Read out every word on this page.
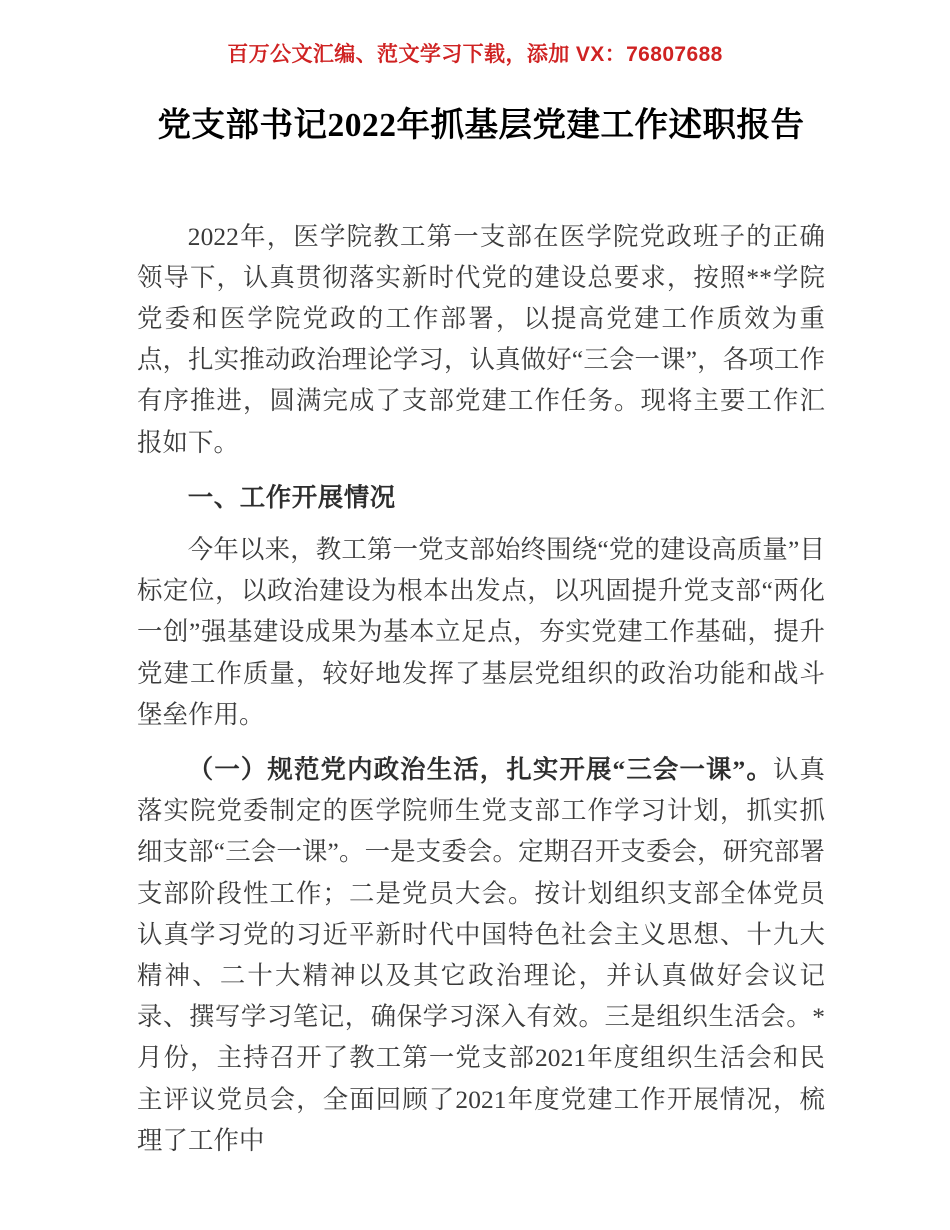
百万公文汇编、范文学习下载，添加 VX：76807688
党支部书记2022年抓基层党建工作述职报告

2022年，医学院教工第一支部在医学院党政班子的正确领导下，认真贯彻落实新时代党的建设总要求，按照**学院党委和医学院党政的工作部署，以提高党建工作质效为重点，扎实推动政治理论学习，认真做好“三会一课”，各项工作有序推进，圆满完成了支部党建工作任务。现将主要工作汇报如下。

一、工作开展情况

今年以来，教工第一党支部始终围绕“党的建设高质量”目标定位，以政治建设为根本出发点，以巩固提升党支部“两化一创”强基建设成果为基本立足点，夯实党建工作基础，提升党建工作质量，较好地发挥了基层党组织的政治功能和战斗堡垒作用。

（一）规范党内政治生活，扎实开展“三会一课”。认真落实院党委制定的医学院师生党支部工作学习计划，抓实抓细支部“三会一课”。一是支委会。定期召开支委会，研究部署支部阶段性工作；二是党员大会。按计划组织支部全体党员认真学习党的习近平新时代中国特色社会主义思想、十九大精神、二十大精神以及其它政治理论，并认真做好会议记录、撰写学习笔记，确保学习深入有效。三是组织生活会。*月份，主持召开了教工第一党支部2021年度组织生活会和民主评议党员会，全面回顾了2021年度党建工作开展情况，梳理了工作中
